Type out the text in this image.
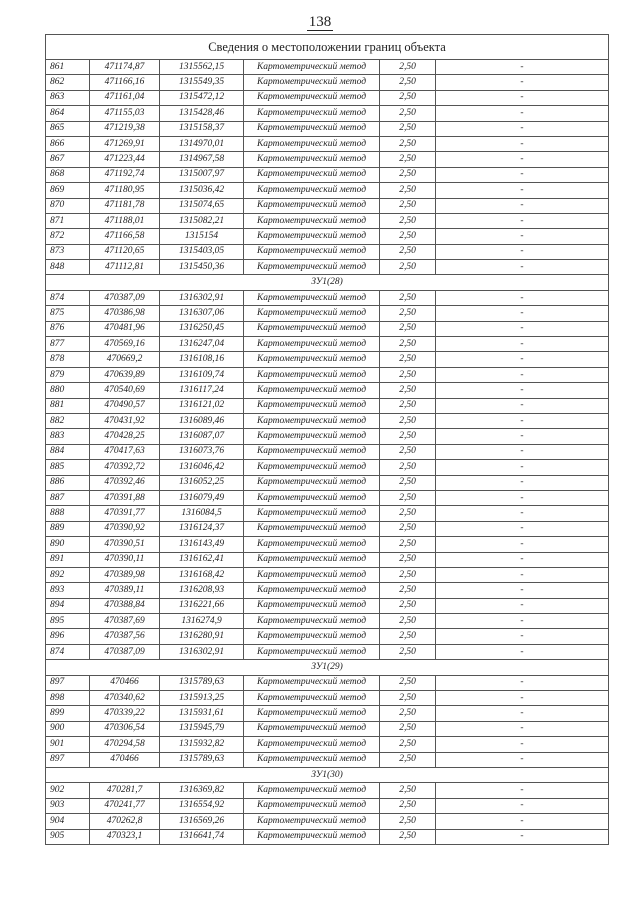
138
Сведения о местоположении границ объекта					
861	471174,87	1315562,15	Картометрический метод	2,50	-
862	471166,16	1315549,35	Картометрический метод	2,50	-
863	471161,04	1315472,12	Картометрический метод	2,50	-
864	471155,03	1315428,46	Картометрический метод	2,50	-
865	471219,38	1315158,37	Картометрический метод	2,50	-
866	471269,91	1314970,01	Картометрический метод	2,50	-
867	471223,44	1314967,58	Картометрический метод	2,50	-
868	471192,74	1315007,97	Картометрический метод	2,50	-
869	471180,95	1315036,42	Картометрический метод	2,50	-
870	471181,78	1315074,65	Картометрический метод	2,50	-
871	471188,01	1315082,21	Картометрический метод	2,50	-
872	471166,58	1315154	Картометрический метод	2,50	-
873	471120,65	1315403,05	Картометрический метод	2,50	-
848	471112,81	1315450,36	Картометрический метод	2,50	-
ЗУ1(28)					
874	470387,09	1316302,91	Картометрический метод	2,50	-
875	470386,98	1316307,06	Картометрический метод	2,50	-
876	470481,96	1316250,45	Картометрический метод	2,50	-
877	470569,16	1316247,04	Картометрический метод	2,50	-
878	470669,2	1316108,16	Картометрический метод	2,50	-
879	470639,89	1316109,74	Картометрический метод	2,50	-
880	470540,69	1316117,24	Картометрический метод	2,50	-
881	470490,57	1316121,02	Картометрический метод	2,50	-
882	470431,92	1316089,46	Картометрический метод	2,50	-
883	470428,25	1316087,07	Картометрический метод	2,50	-
884	470417,63	1316073,76	Картометрический метод	2,50	-
885	470392,72	1316046,42	Картометрический метод	2,50	-
886	470392,46	1316052,25	Картометрический метод	2,50	-
887	470391,88	1316079,49	Картометрический метод	2,50	-
888	470391,77	1316084,5	Картометрический метод	2,50	-
889	470390,92	1316124,37	Картометрический метод	2,50	-
890	470390,51	1316143,49	Картометрический метод	2,50	-
891	470390,11	1316162,41	Картометрический метод	2,50	-
892	470389,98	1316168,42	Картометрический метод	2,50	-
893	470389,11	1316208,93	Картометрический метод	2,50	-
894	470388,84	1316221,66	Картометрический метод	2,50	-
895	470387,69	1316274,9	Картометрический метод	2,50	-
896	470387,56	1316280,91	Картометрический метод	2,50	-
874	470387,09	1316302,91	Картометрический метод	2,50	-
ЗУ1(29)					
897	470466	1315789,63	Картометрический метод	2,50	-
898	470340,62	1315913,25	Картометрический метод	2,50	-
899	470339,22	1315931,61	Картометрический метод	2,50	-
900	470306,54	1315945,79	Картометрический метод	2,50	-
901	470294,58	1315932,82	Картометрический метод	2,50	-
897	470466	1315789,63	Картометрический метод	2,50	-
ЗУ1(30)					
902	470281,7	1316369,82	Картометрический метод	2,50	-
903	470241,77	1316554,92	Картометрический метод	2,50	-
904	470262,8	1316569,26	Картометрический метод	2,50	-
905	470323,1	1316641,74	Картометрический метод	2,50	-
